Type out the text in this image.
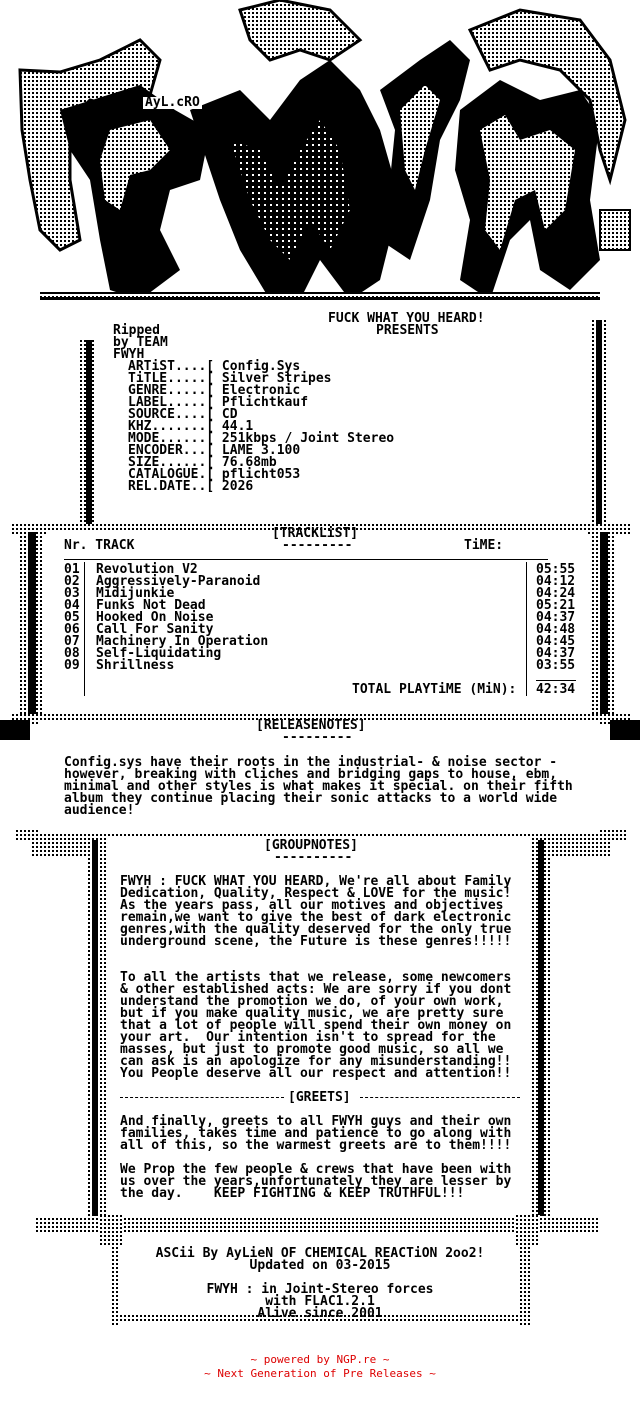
AyL.cRO

Ripped
by TEAM
FWYH
FUCK WHAT YOU HEARD!
PRESENTS
ARTiST....[ Config.Sys
TiTLE.....[ Silver Stripes
GENRE.....[ Electronic
LABEL.....[ Pflichtkauf
SOURCE....[ CD
KHZ.......[ 44.1
MODE......[ 251kbps / Joint Stereo
ENCODER...[ LAME 3.100
SIZE......[ 76.68mb
CATALOGUE.[ pflicht053
REL.DATE..[ 2026
[TRACKLiST]
---------
Nr. TRACK	TiME:
01 Revolution V2	05:55
02 Aggressively-Paranoid	04:12
03 Midijunkie	04:24
04 Funks Not Dead	05:21
05 Hooked On Noise	04:37
06 Call For Sanity	04:48
07 Machinery In Operation	04:45
08 Self-Liquidating	04:37
09 Shrillness	03:55
TOTAL PLAYTiME (MiN): 42:34
[RELEASENOTES]
---------
Config.sys have their roots in the industrial- & noise sector -
however, breaking with cliches and bridging gaps to house, ebm,
minimal and other styles is what makes it special. on their fifth
album they continue placing their sonic attacks to a world wide
audience!
[GROUPNOTES]
----------
FWYH : FUCK WHAT YOU HEARD, We're all about Family
Dedication, Quality, Respect & LOVE for the music!
As the years pass, all our motives and objectives
remain,we want to give the best of dark electronic
genres,with the quality deserved for the only true
underground scene, the Future is these genres!!!!!
To all the artists that we release, some newcomers
& other established acts: We are sorry if you dont
understand the promotion we do, of your own work,
but if you make quality music, we are pretty sure
that a lot of people will spend their own money on
your art.  Our intention isn't to spread for the
masses, but just to promote good music, so all we
can ask is an apologize for any misunderstanding!!
You People deserve all our respect and attention!!
[GREETS]
And finally, greets to all FWYH guys and their own
families, takes time and patience to go along with
all of this, so the warmest greets are to them!!!!
We Prop the few people & crews that have been with
us over the years,unfortunately they are lesser by
the day.    KEEP FIGHTING & KEEP TRUTHFUL!!!
ASCii By AyLieN OF CHEMICAL REACTiON 2oo2!
Updated on 03-2015
FWYH : in Joint-Stereo forces
with FLAC1.2.1
Alive since 2001
~ powered by NGP.re ~
~ Next Generation of Pre Releases ~
